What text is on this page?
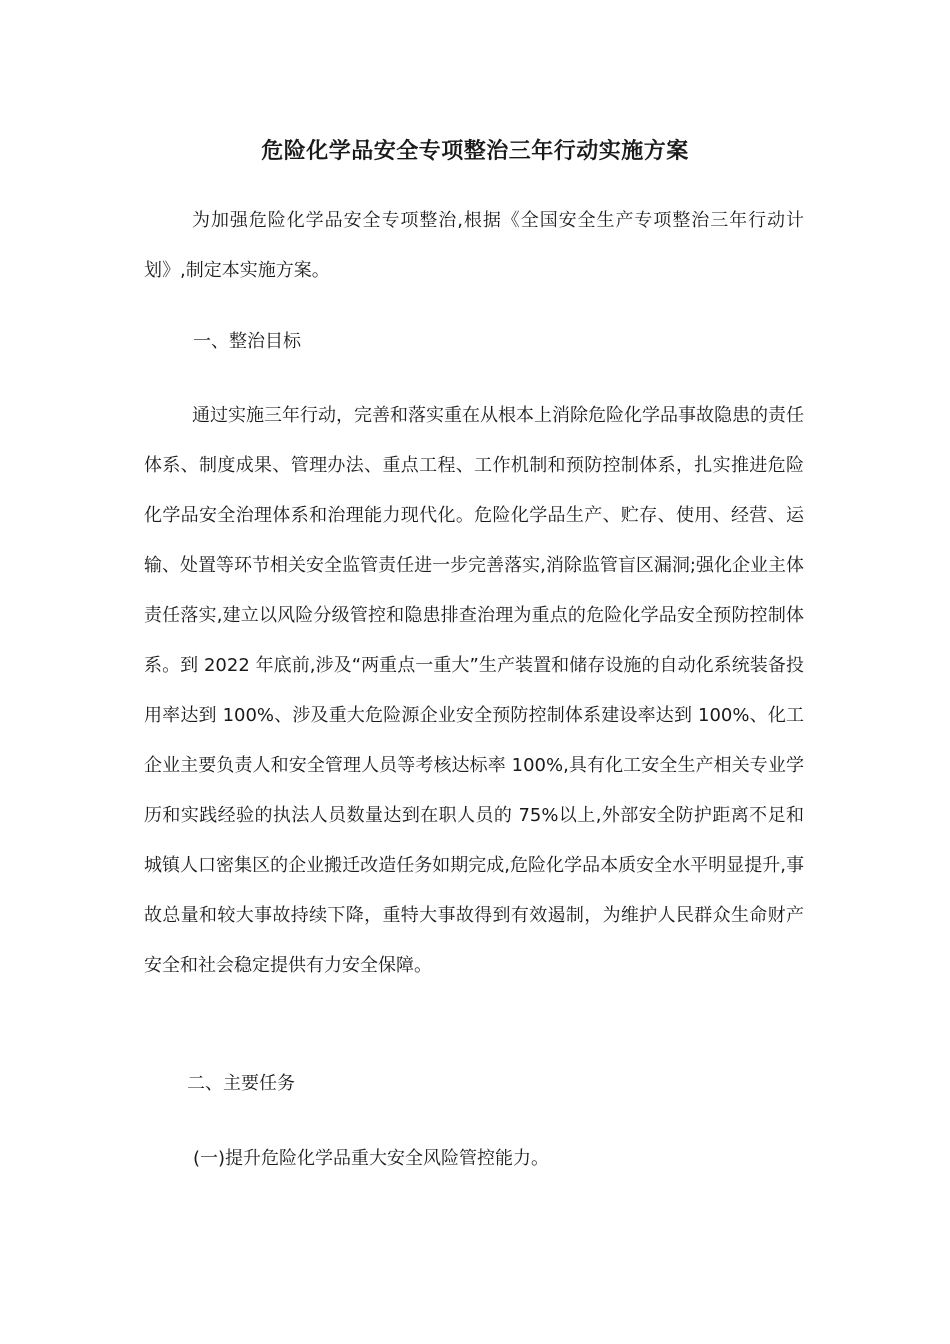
危险化学品安全专项整治三年行动实施方案

为加强危险化学品安全专项整治,根据《全国安全生产专项整治三年行动计划》,制定本实施方案。

一、整治目标

通过实施三年行动，完善和落实重在从根本上消除危险化学品事故隐患的责任体系、制度成果、管理办法、重点工程、工作机制和预防控制体系，扎实推进危险化学品安全治理体系和治理能力现代化。危险化学品生产、贮存、使用、经营、运输、处置等环节相关安全监管责任进一步完善落实,消除监管盲区漏洞;强化企业主体责任落实,建立以风险分级管控和隐患排查治理为重点的危险化学品安全预防控制体系。到 2022 年底前,涉及“两重点一重大”生产装置和储存设施的自动化系统装备投用率达到 100%、涉及重大危险源企业安全预防控制体系建设率达到 100%、化工企业主要负责人和安全管理人员等考核达标率 100%,具有化工安全生产相关专业学历和实践经验的执法人员数量达到在职人员的 75%以上,外部安全防护距离不足和城镇人口密集区的企业搬迁改造任务如期完成,危险化学品本质安全水平明显提升,事故总量和较大事故持续下降，重特大事故得到有效遏制，为维护人民群众生命财产安全和社会稳定提供有力安全保障。

二、主要任务

(一)提升危险化学品重大安全风险管控能力。
